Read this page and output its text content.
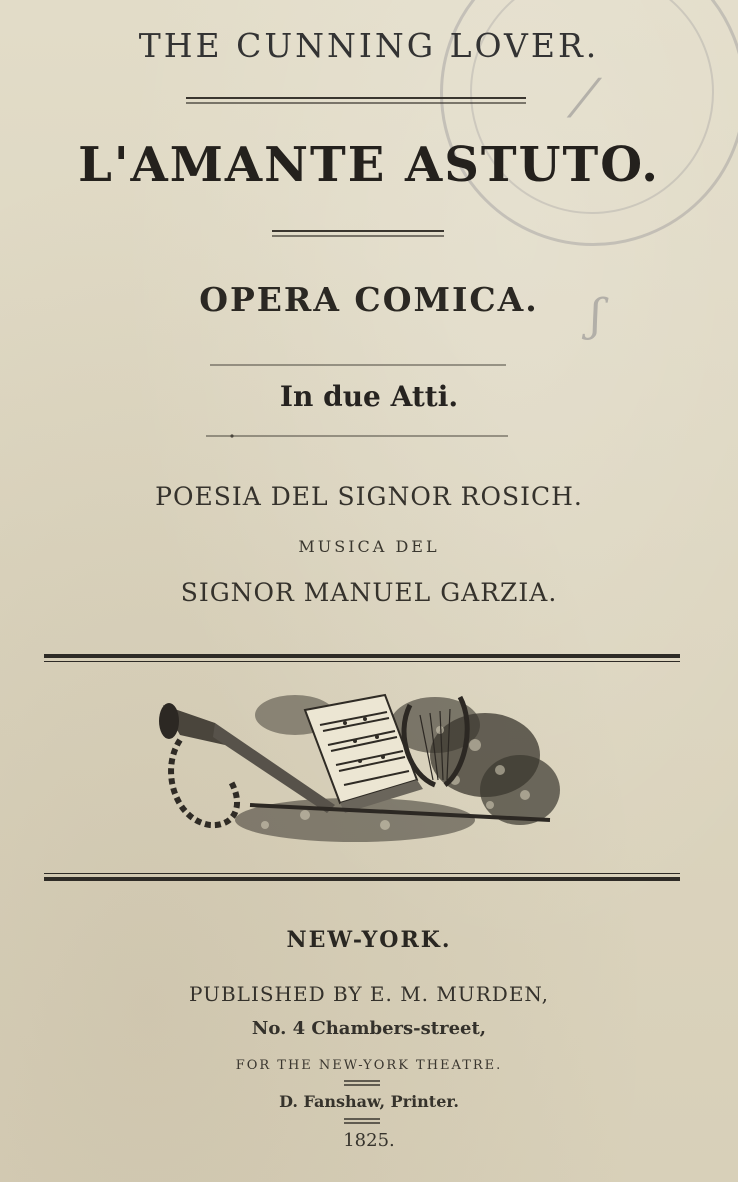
⁄
ʃ
THE CUNNING LOVER.
L'AMANTE ASTUTO.
OPERA COMICA.
In due Atti.
POESIA DEL SIGNOR ROSICH.
MUSICA DEL
SIGNOR MANUEL GARZIA.
NEW-YORK.
PUBLISHED BY E. M. MURDEN,
No. 4 Chambers-street,
FOR THE NEW-YORK THEATRE.
D. Fanshaw, Printer.
1825.
